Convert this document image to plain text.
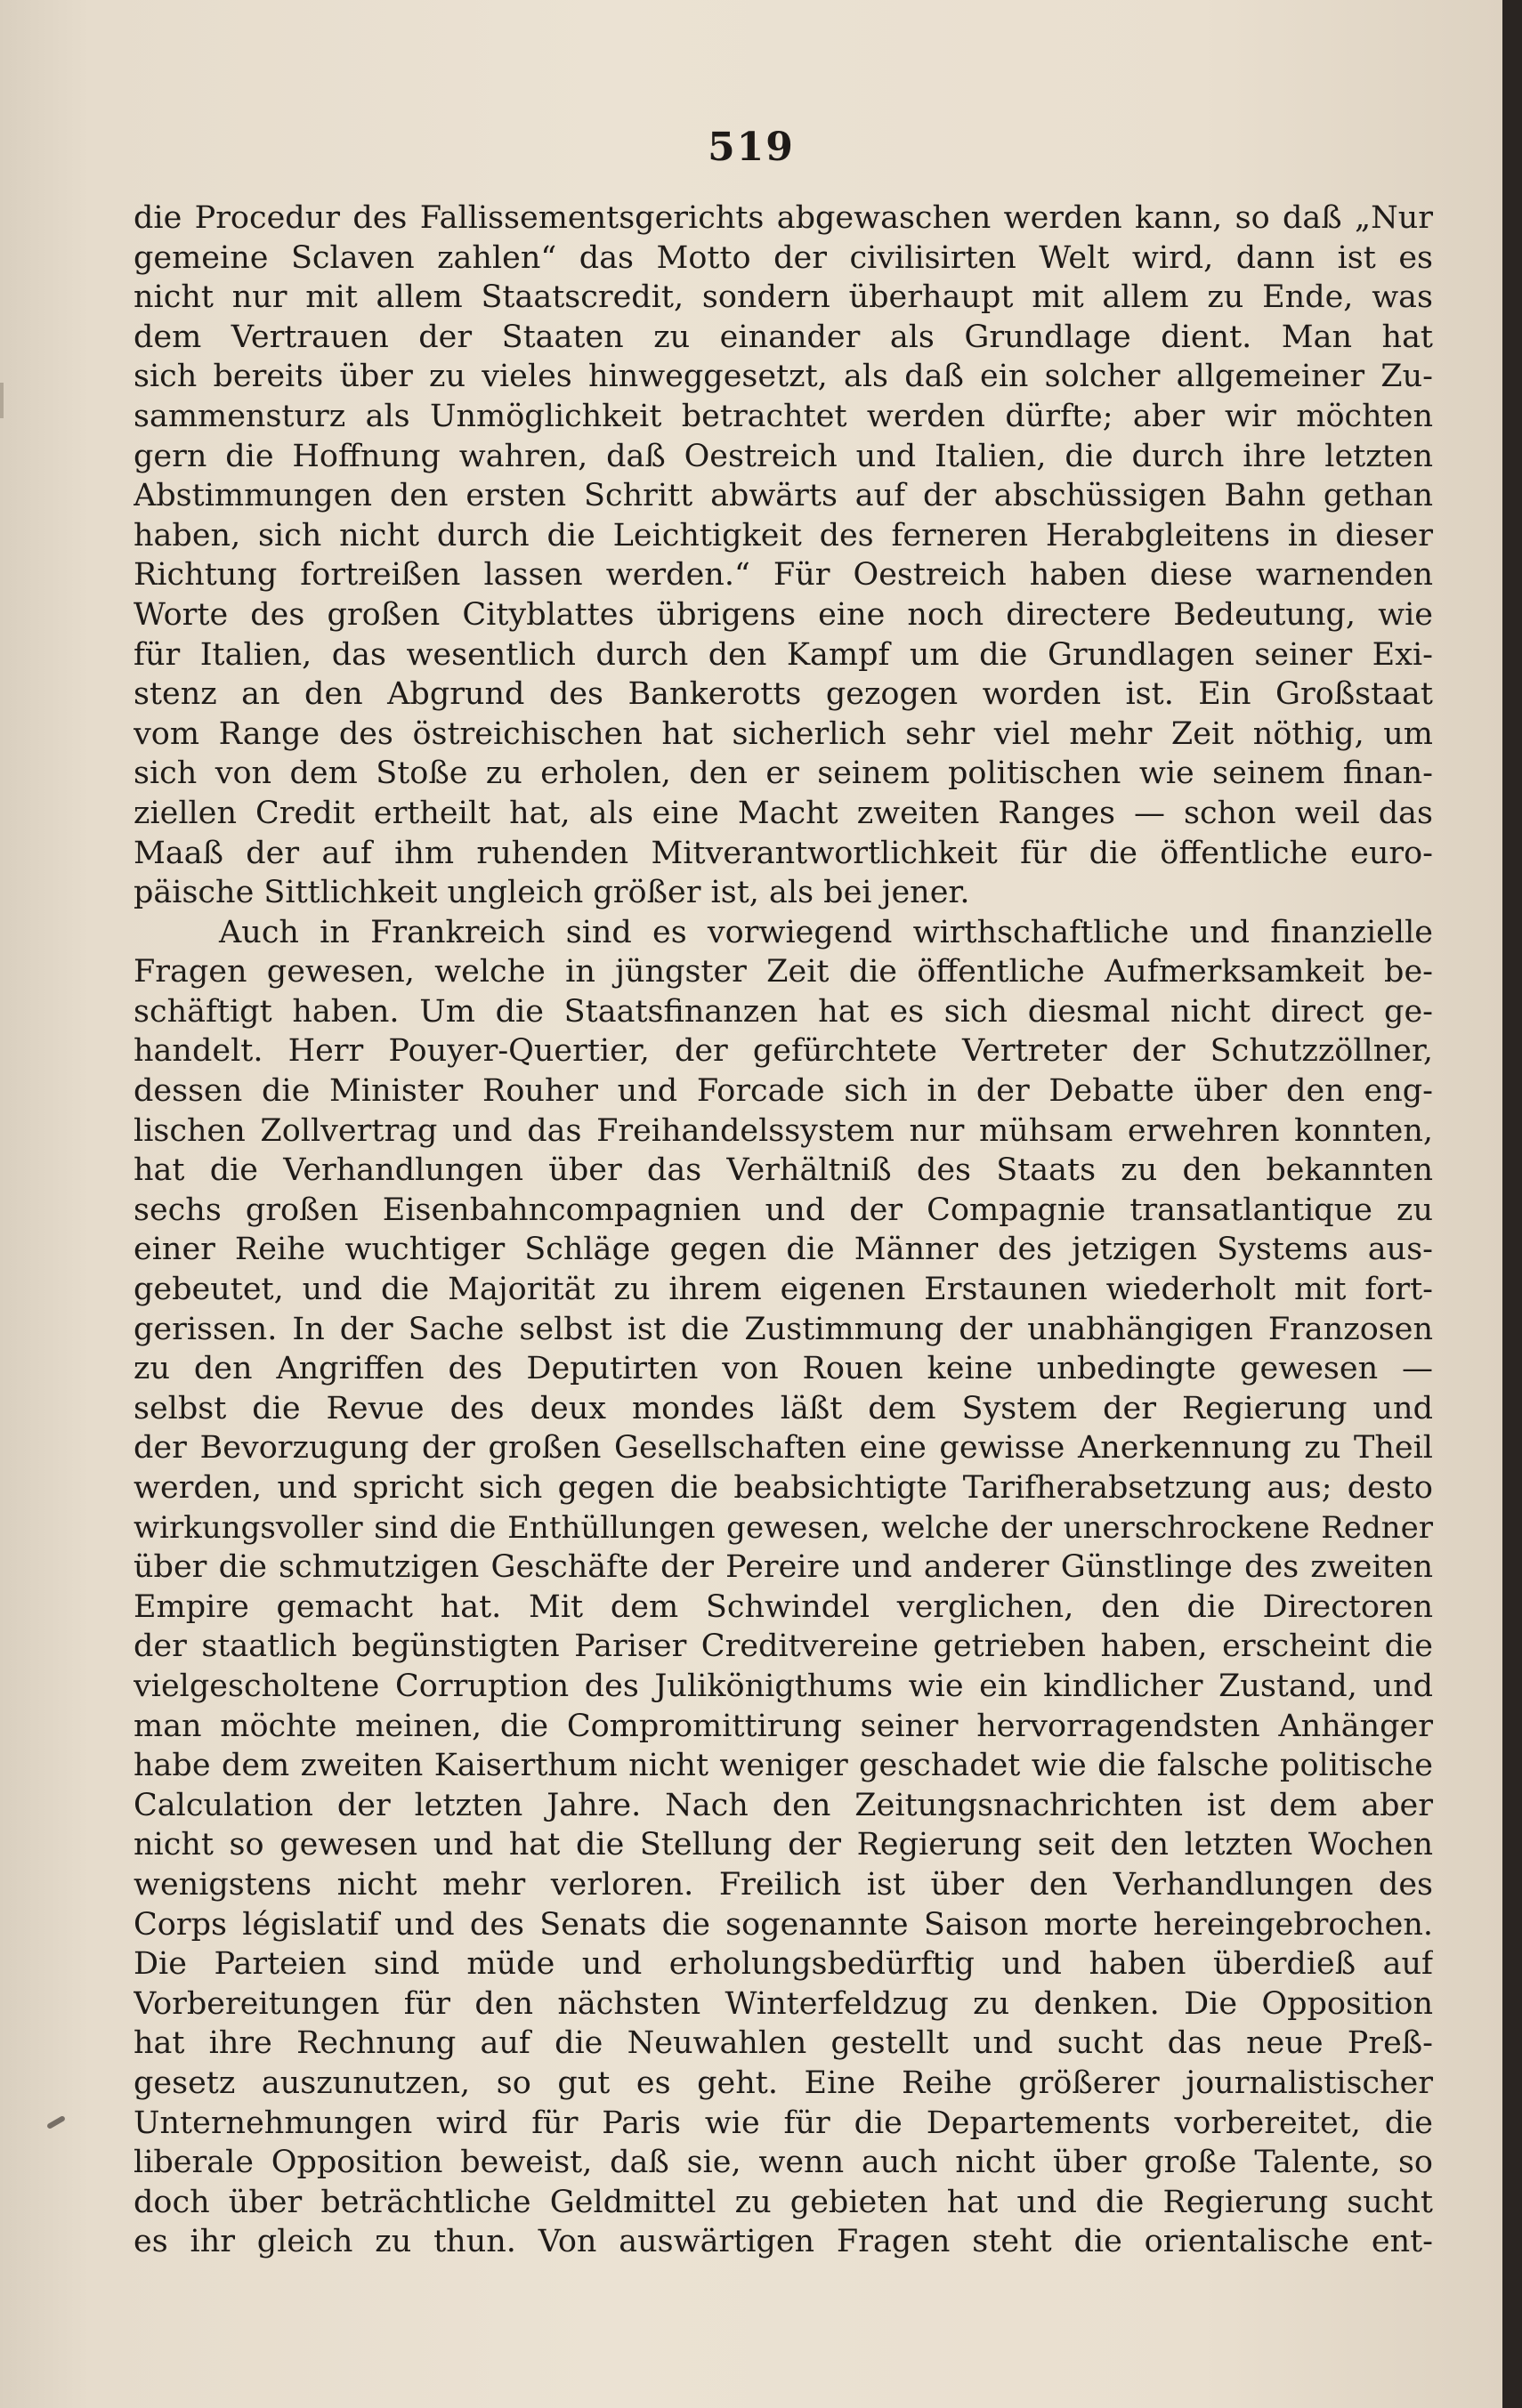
519
die Procedur des Fallissementsgerichts abgewaschen werden kann, so daß „Nur
gemeine Sclaven zahlen“ das Motto der civilisirten Welt wird, dann ist es
nicht nur mit allem Staatscredit, sondern überhaupt mit allem zu Ende, was
dem Vertrauen der Staaten zu einander als Grundlage dient. Man hat
sich bereits über zu vieles hinweggesetzt, als daß ein solcher allgemeiner Zu-
sammensturz als Unmöglichkeit betrachtet werden dürfte; aber wir möchten
gern die Hoffnung wahren, daß Oestreich und Italien, die durch ihre letzten
Abstimmungen den ersten Schritt abwärts auf der abschüssigen Bahn gethan
haben, sich nicht durch die Leichtigkeit des ferneren Herabgleitens in dieser
Richtung fortreißen lassen werden.“ Für Oestreich haben diese warnenden
Worte des großen Cityblattes übrigens eine noch directere Bedeutung, wie
für Italien, das wesentlich durch den Kampf um die Grundlagen seiner Exi-
stenz an den Abgrund des Bankerotts gezogen worden ist. Ein Großstaat
vom Range des östreichischen hat sicherlich sehr viel mehr Zeit nöthig, um
sich von dem Stoße zu erholen, den er seinem politischen wie seinem finan-
ziellen Credit ertheilt hat, als eine Macht zweiten Ranges — schon weil das
Maaß der auf ihm ruhenden Mitverantwortlichkeit für die öffentliche euro-
päische Sittlichkeit ungleich größer ist, als bei jener.
Auch in Frankreich sind es vorwiegend wirthschaftliche und finanzielle
Fragen gewesen, welche in jüngster Zeit die öffentliche Aufmerksamkeit be-
schäftigt haben. Um die Staatsfinanzen hat es sich diesmal nicht direct ge-
handelt. Herr Pouyer-Quertier, der gefürchtete Vertreter der Schutzzöllner,
dessen die Minister Rouher und Forcade sich in der Debatte über den eng-
lischen Zollvertrag und das Freihandelssystem nur mühsam erwehren konnten,
hat die Verhandlungen über das Verhältniß des Staats zu den bekannten
sechs großen Eisenbahncompagnien und der Compagnie transatlantique zu
einer Reihe wuchtiger Schläge gegen die Männer des jetzigen Systems aus-
gebeutet, und die Majorität zu ihrem eigenen Erstaunen wiederholt mit fort-
gerissen. In der Sache selbst ist die Zustimmung der unabhängigen Franzosen
zu den Angriffen des Deputirten von Rouen keine unbedingte gewesen —
selbst die Revue des deux mondes läßt dem System der Regierung und
der Bevorzugung der großen Gesellschaften eine gewisse Anerkennung zu Theil
werden, und spricht sich gegen die beabsichtigte Tarifherabsetzung aus; desto
wirkungsvoller sind die Enthüllungen gewesen, welche der unerschrockene Redner
über die schmutzigen Geschäfte der Pereire und anderer Günstlinge des zweiten
Empire gemacht hat. Mit dem Schwindel verglichen, den die Directoren
der staatlich begünstigten Pariser Creditvereine getrieben haben, erscheint die
vielgescholtene Corruption des Julikönigthums wie ein kindlicher Zustand, und
man möchte meinen, die Compromittirung seiner hervorragendsten Anhänger
habe dem zweiten Kaiserthum nicht weniger geschadet wie die falsche politische
Calculation der letzten Jahre. Nach den Zeitungsnachrichten ist dem aber
nicht so gewesen und hat die Stellung der Regierung seit den letzten Wochen
wenigstens nicht mehr verloren. Freilich ist über den Verhandlungen des
Corps législatif und des Senats die sogenannte Saison morte hereingebrochen.
Die Parteien sind müde und erholungsbedürftig und haben überdieß auf
Vorbereitungen für den nächsten Winterfeldzug zu denken. Die Opposition
hat ihre Rechnung auf die Neuwahlen gestellt und sucht das neue Preß-
gesetz auszunutzen, so gut es geht. Eine Reihe größerer journalistischer
Unternehmungen wird für Paris wie für die Departements vorbereitet, die
liberale Opposition beweist, daß sie, wenn auch nicht über große Talente, so
doch über beträchtliche Geldmittel zu gebieten hat und die Regierung sucht
es ihr gleich zu thun. Von auswärtigen Fragen steht die orientalische ent-
